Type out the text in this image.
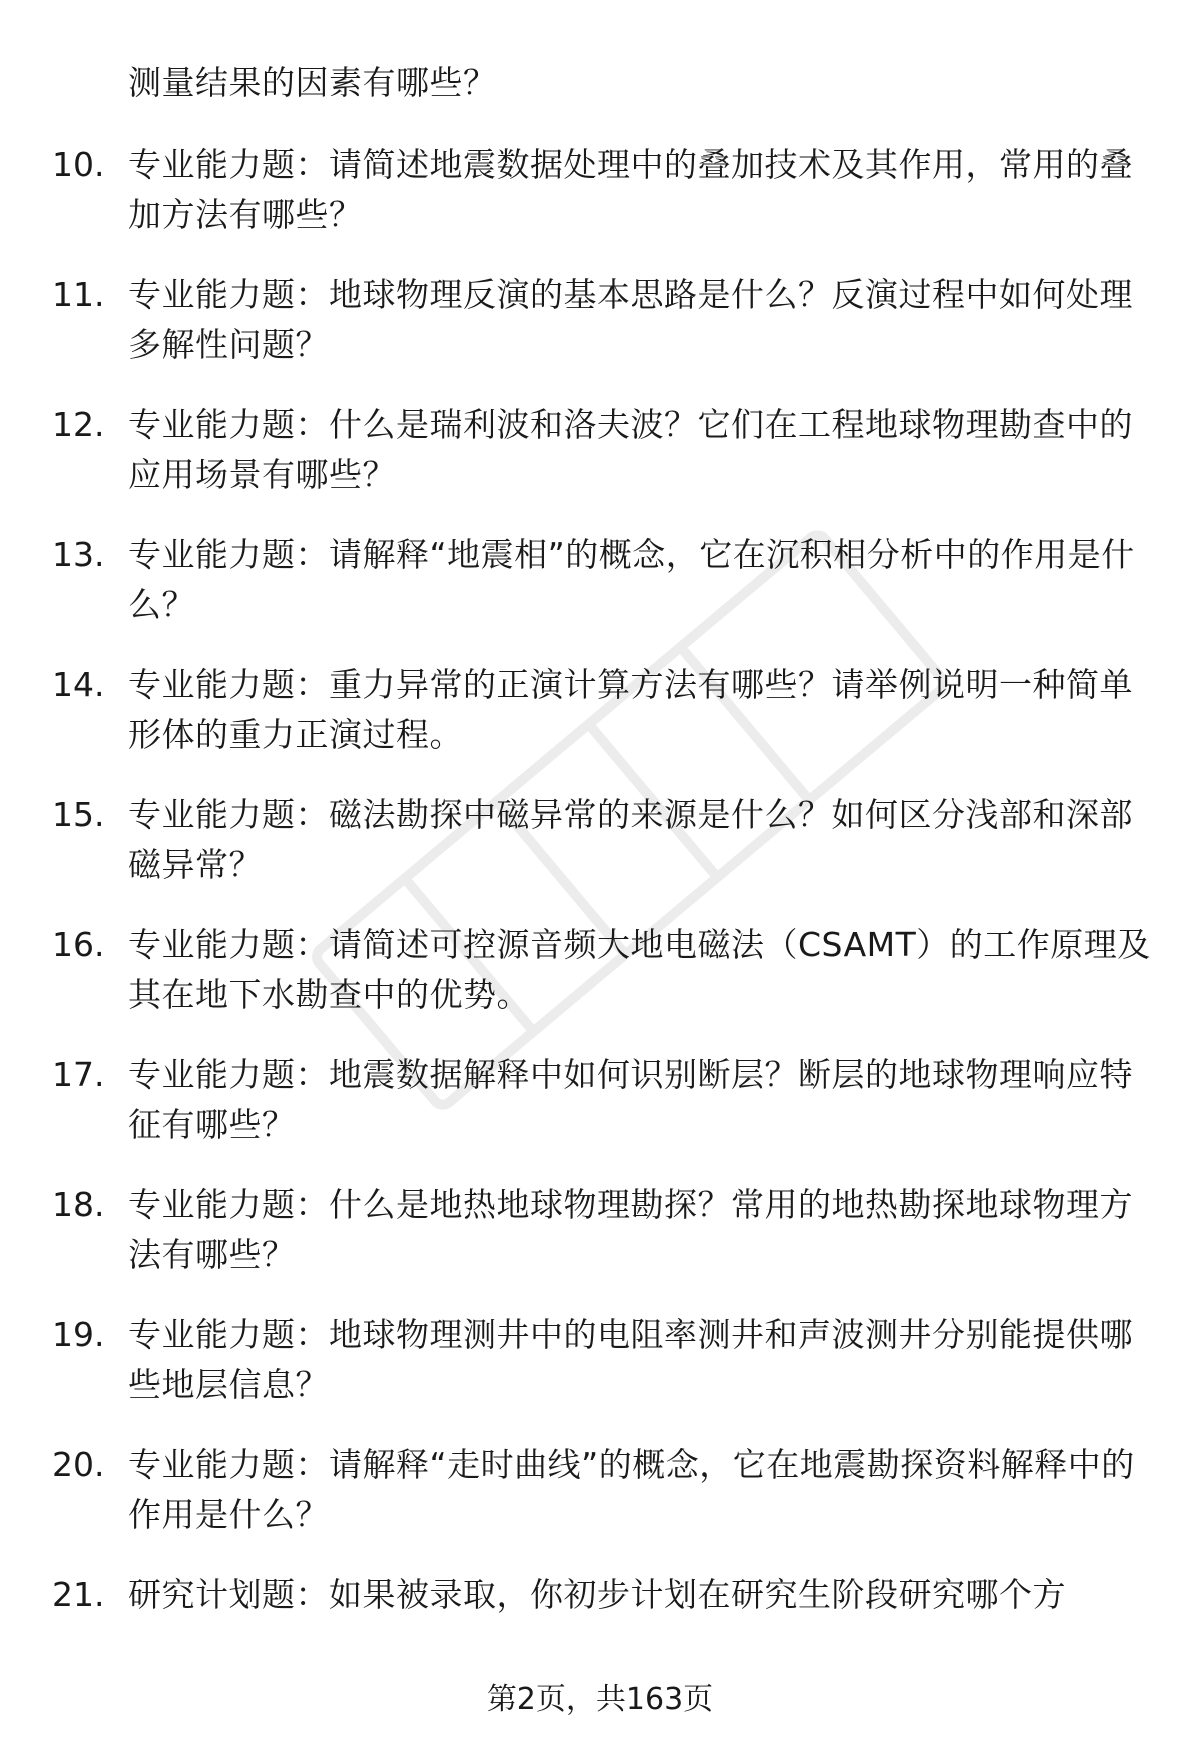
测量结果的因素有哪些？
10. 专业能力题：请简述地震数据处理中的叠加技术及其作用，常用的叠加方法有哪些？
11. 专业能力题：地球物理反演的基本思路是什么？反演过程中如何处理多解性问题？
12. 专业能力题：什么是瑞利波和洛夫波？它们在工程地球物理勘查中的应用场景有哪些？
13. 专业能力题：请解释“地震相”的概念，它在沉积相分析中的作用是什么？
14. 专业能力题：重力异常的正演计算方法有哪些？请举例说明一种简单形体的重力正演过程。
15. 专业能力题：磁法勘探中磁异常的来源是什么？如何区分浅部和深部磁异常？
16. 专业能力题：请简述可控源音频大地电磁法（CSAMT）的工作原理及其在地下水勘查中的优势。
17. 专业能力题：地震数据解释中如何识别断层？断层的地球物理响应特征有哪些？
18. 专业能力题：什么是地热地球物理勘探？常用的地热勘探地球物理方法有哪些？
19. 专业能力题：地球物理测井中的电阻率测井和声波测井分别能提供哪些地层信息？
20. 专业能力题：请解释“走时曲线”的概念，它在地震勘探资料解释中的作用是什么？
21. 研究计划题：如果被录取，你初步计划在研究生阶段研究哪个方
第2页，共163页
